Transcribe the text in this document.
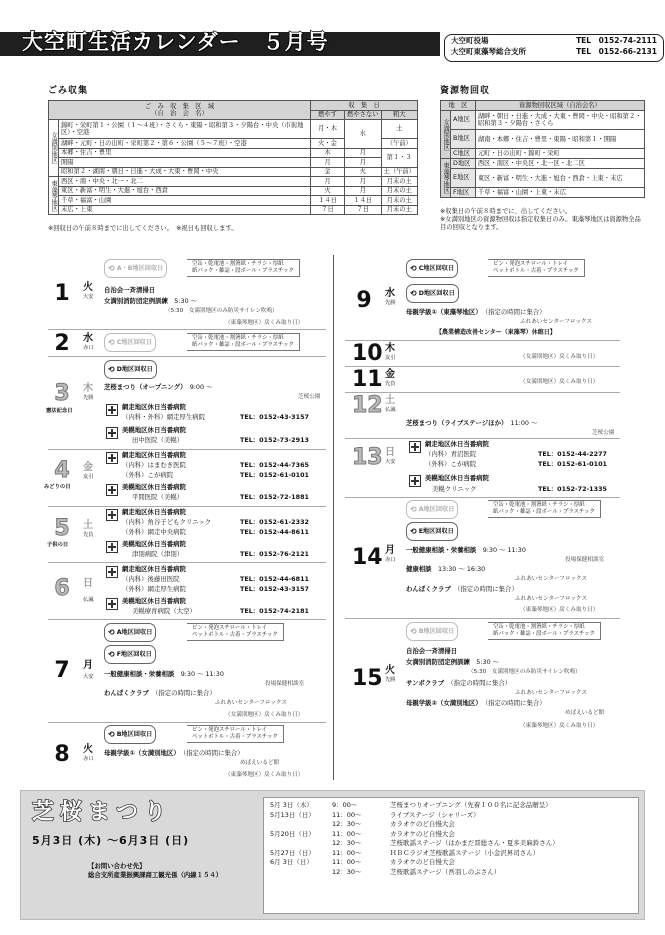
大空町生活カレンダー　５月号	大空町役場	TEL　0152-74-2111
大空町東藻琴総合支所	TEL　0152-66-2131
ごみ収集
ご　み　収　集　区　域
（自　治　会　名）		収　集　日		
		燃やす	燃やさない	粗大
女満別地区	錦町・栄町第１・公園（１～４班）・さくら・東陽・昭和第３・夕陽台・中央（市街地区）・空港	月・木	水	土
	湖畔・元町・日の出町・栄町第２・第６・公園（５～７班）・空港	火・金		（午前）
	本郷・住吉・豊里	木	月	第１・３
	開陽	月	月	
	昭和第２・湖南・朝日・日進・大成・大東・豊岡・中央	金	火	土（午前）
東藻琴地区	西区・南・中央・北一・北二	月	月	月末の土
	東区・新富・明生・大進・旭台・西倉	火	月	月末の土
	千草・福富・山園	１４日	１４日	月末の土
	末広・上東	７日	７日	月末の土
※回収日の午前８時までに出してください。　※祝日も回収します。
資源物回収
地　区		資源物回収区域（自治会名）
女満別地区	A地区	湖畔・朝日・日進・大成・大東・豊岡・中央・昭和第２・昭和第３・夕陽台・さくら
	B地区	湖南・本郷・住吉・豊里・東陽・昭和第１・開陽
	C地区	元町・日の出町・錦町・栄町
東藻琴地区	D地区	西区・南区・中央区・北一区・北二区
	E地区	東区・新富・明生・大進・旭台・西倉・上東・末広
	F地区	千草・福富・山園・上東・末広
※収集日の午前８時までに、出してください。
※女満別地区の資源物回収は指定収集日のみ。東藻琴地区は資源物全品目の回収となります。
1	火
大安
⟲ A・B地区回収日
空缶・乾電池・割箸紙・チラシ・厚紙
紙パック・雑誌・段ボール・プラスチック
自治会一斉清掃日
女満別消防団定例訓練　 5:30 ～
（5:30　女満別地区のみ防災サイレン吹鳴）
（東藻琴地区）戻くみ取り日）
2	水
赤口
⟲ C地区回収日
空缶・乾電池・割箸紙・チラシ・厚紙
紙パック・雑誌・段ボール・プラスチック
3	木
先勝
憲法記念日
⟲ D地区回収日
芝桜まつり（オープニング）　 9:00 ～
芝桜公園
網走地区休日当番病院
（内科・外科）網走厚生病院	TEL：0152-43-3157
美幌地区休日当番病院
田中医院（美幌）	TEL：0152-73-2913
4	金
友引
みどりの日
網走地区休日当番病院
（内科）はまむき医院	TEL：0152-44-7365
（外科）こが病院	TEL：0152-61-0101
美幌地区休日当番病院
平間医院（美幌）	TEL：0152-72-1881
5	土
先負
子供の日
網走地区休日当番病院
（内科）角谷子どもクリニック	TEL：0152-61-2332
（外科）網走中央病院	TEL：0152-44-8611
美幌地区休日当番病院
津別病院（津別）	TEL：0152-76-2121
6	日
仏滅
網走地区休日当番病院
（内科）後藤田医院	TEL：0152-44-6811
（外科）網走厚生病院	TEL：0152-43-3157
美幌地区休日当番病院
美幌療育病院（大空）	TEL：0152-74-2181
7	月
大安
⟲ A地区回収日
ビン・発泡スチロール・トレイ
ペットボトル・古着・プラスチック
⟲ F地区回収日
一般健康相談・栄養相談　 9:30 ～ 11:30
役場保健相談室
わんぱくクラブ　 （指定の時間に集合）
ふれあいセンターフロックス
（女満別地区）戻くみ取り日）
8	火
赤口
⟲ B地区回収日
ビン・発泡スチロール・トレイ
ペットボトル・古着・プラスチック
母親学級①（女満別地区）　 （指定の時間に集合）
めばえいるど館
（東藻琴地区）戻くみ取り日）
9	水
先勝
⟲ C地区回収日
ビン・発泡スチロール・トレイ
ペットボトル・古着・プラスチック
⟲ D地区回収日
母親学級①（東藻琴地区）　 （指定の時間に集合）
ふれあいセンターフロックス
【農業構造改善センター（東藻琴）休館日】
10 木
友引	（女満別地区）戻くみ取り日）
11 金
先負	（女満別地区）戻くみ取り日）
12 土
仏滅
芝桜まつり（ライブステージほか）　 11:00 ～
芝桜公園
13 日
大安
網走地区休日当番病院
（内科）青沼医院	TEL：0152-44-2277
（外科）こが病院	TEL：0152-61-0101
美幌地区休日当番病院
美幌クリニック	TEL：0152-72-1335
14 月
赤口
⟲ A地区回収日
空缶・乾電池・割箸紙・チラシ・厚紙
紙パック・雑誌・段ボール・プラスチック
⟲ E地区回収日
一般健康相談・栄養相談　 9:30 ～ 11:30
役場保健相談室
健康相談　 13:30 ～ 16:30
ふれあいセンターフロックス
わんぱくクラブ　 （指定の時間に集合）
ふれあいセンターフロックス
（東藻琴地区）戻くみ取り日）
15 火
先勝
⟲ B地区回収日
空缶・乾電池・割箸紙・チラシ・厚紙
紙パック・雑誌・段ボール・プラスチック
自治会一斉清掃日
女満別消防団定例訓練　 5:30 ～
（5:30　女満別地区のみ防災サイレン吹鳴）
サンボクラブ　 （指定の時間に集合）
ふれあいセンターフロックス
母親学級②（女満別地区）　 （指定の時間に集合）
めばえいるど館
（東藻琴地区）戻くみ取り日）
芝桜まつり
5月3日 (木) ～6月3日 (日)
【お問い合わせ先】
総合支所産業振興課商工観光係（内線１５４）
5月 3日（木）	9：00～	芝桜まつりオープニング（先着１００名に記念品贈呈）
5月13日（日）	11：00～	ライブステージ（シャリーズ）
12：30～	カラオケのど自慢大会
5月20日（日）	11：00～	カラオケのど自慢大会
12：30～	芝桜歌謡ステージ（はかまだ晋総さん・夏多美麻鈴さん）
5月27日（日）	11：00～	ＨＢＣラジオ芝桜歌謡ステージ（小金沢昇司さん）
6月 3日（日）	11：00～	カラオケのど自慢大会
12：30～	芝桜歌謡ステージ（吾羽しのぶさん）
